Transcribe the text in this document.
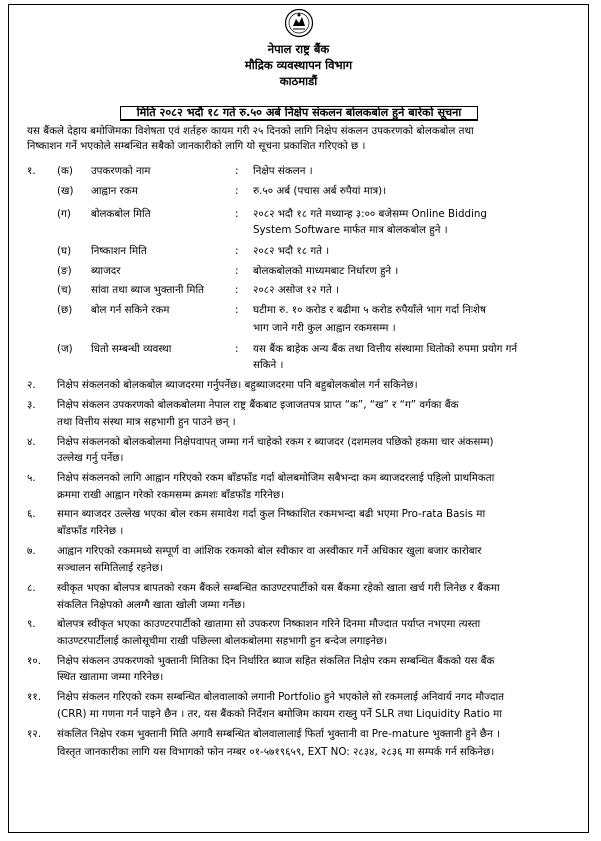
नेपाल राष्ट्र बैंक
मौद्रिक व्यवस्थापन विभाग
काठमाडौं
मिति २०८२ भदौ १८ गते रु.५० अर्ब निक्षेप संकलन बोलकबोल हुने बारेको सूचना
यस बैंकले देहाय बमोजिमका विशेषता एवं शर्तहरु कायम गरी २५ दिनको लागि निक्षेप संकलन उपकरणको बोलकबोल तथा
निष्काशन गर्ने भएकोले सम्बन्धित सबैको जानकारीको लागि यो सूचना प्रकाशित गरिएको छ ।
१. (क) उपकरणको नाम	: निक्षेप संकलन ।
(ख) आह्वान रकम	: रु.५० अर्ब (पचास अर्ब रुपैयां मात्र)।
(ग) बोलकबोल मिति	: २०८२ भदौ १८ गते मध्यान्ह ३:०० बजेसम्म Online Bidding
System Software मार्फत मात्र बोलकबोल हुने ।
(घ) निष्काशन मिति	: २०८२ भदौ १८ गते ।
(ङ) ब्याजदर	: बोलकबोलको माध्यमबाट निर्धारण हुने ।
(च) सांवा तथा ब्याज भुक्तानी मिति	: २०८२ असोज १२ गते ।
(छ) बोल गर्न सकिने रकम	: घटीमा रु. १० करोड र बढीमा ५ करोड रुपैयाँले भाग गर्दा निःशेष
भाग जाने गरी कुल आह्वान रकमसम्म ।
(ज) धितो सम्बन्धी व्यवस्था	: यस बैंक बाहेक अन्य बैंक तथा वित्तीय संस्थामा धितोको रुपमा प्रयोग गर्न
सकिने ।
२. निक्षेप संकलनको बोलकबोल ब्याजदरमा गर्नुपर्नेछ। बहुब्याजदरमा पनि बहुबोलकबोल गर्न सकिनेछ।
३. निक्षेप संकलन उपकरणको बोलकबोलमा नेपाल राष्ट्र बैंकबाट इजाजतपत्र प्राप्त “क”, “ख” र “ग” वर्गका बैंक
तथा वित्तीय संस्था मात्र सहभागी हुन पाउने छन् ।
४. निक्षेप संकलनको बोलकबोलमा निक्षेपवापत् जम्मा गर्न चाहेको रकम र ब्याजदर (दशमलव पछिको हकमा चार अंकसम्म)
उल्लेख गर्नु पर्नेछ।
५. निक्षेप संकलनको लागि आह्वान गरिएको रकम बाँडफाँड गर्दा बोलबमोजिम सबैभन्दा कम ब्याजदरलाई पहिलो प्राथमिकता
क्रममा राखी आह्वान गरेको रकमसम्म क्रमशः बाँडफाँड गरिनेछ।
६. समान ब्याजदर उल्लेख भएका बोल रकम समावेश गर्दा कुल निष्काशित रकमभन्दा बढी भएमा Pro-rata Basis मा
बाँडफाँड गरिनेछ ।
७. आह्वान गरिएको रकममध्ये सम्पूर्ण वा आंशिक रकमको बोल स्वीकार वा अस्वीकार गर्ने अधिकार खुला बजार कारोबार
सञ्चालन समितिलाई रहनेछ।
८. स्वीकृत भएका बोलपत्र बापतको रकम बैंकले सम्बन्धित काउण्टरपार्टीको यस बैंकमा रहेको खाता खर्च गरी लिनेछ र बैंकमा
संकलित निक्षेपको अलग्गै खाता खोली जम्मा गर्नेछ।
९. बोलपत्र स्वीकृत भएका काउण्टरपार्टीको खातामा सो उपकरण निष्काशन गरिने दिनमा मौज्दात पर्याप्त नभएमा त्यस्ता
काउण्टरपार्टीलाई कालोसूचीमा राखी पछिल्ला बोलकबोलमा सहभागी हुन बन्देज लगाइनेछ।
१०. निक्षेप संकलन उपकरणको भुक्तानी मितिका दिन निर्धारित ब्याज सहित संकलित निक्षेप रकम सम्बन्धित बैंकको यस बैंक
स्थित खातामा जम्मा गरिनेछ।
११. निक्षेप संकलन गरिएको रकम सम्बन्धित बोलवालाको लगानी Portfolio हुने भएकोले सो रकमलाई अनिवार्य नगद मौज्दात
(CRR) मा गणना गर्न पाइने छैन । तर, यस बैंकको निर्देशन बमोजिम कायम राख्नु पर्ने SLR तथा Liquidity Ratio मा
१२. संकलित निक्षेप रकम भुक्तानी मिति अगावै सम्बन्धित बोलवालालाई फिर्ता भुक्तानी वा Pre-mature भुक्तानी हुने छैन ।
विस्तृत जानकारीका लागि यस विभागको फोन नम्बर ०१-५७१९६५९, EXT NO: २८३४, २८३६ मा सम्पर्क गर्न सकिनेछ।
